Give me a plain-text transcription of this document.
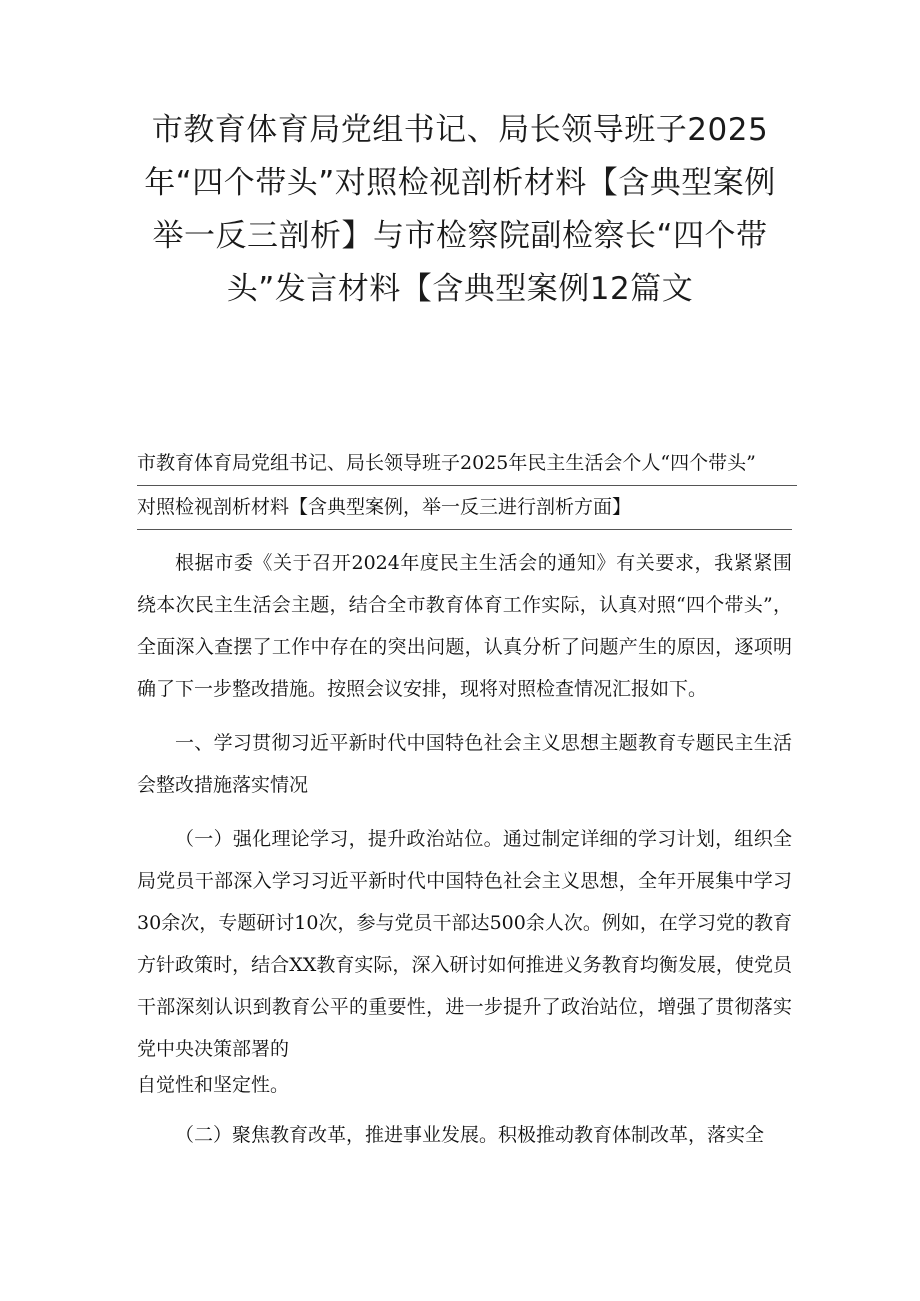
市教育体育局党组书记、局长领导班子2025年“四个带头”对照检视剖析材料【含典型案例举一反三剖析】与市检察院副检察长“四个带头”发言材料【含典型案例12篇文
市教育体育局党组书记、局长领导班子2025年民主生活会个人“四个带头”
对照检视剖析材料【含典型案例，举一反三进行剖析方面】

根据市委《关于召开2024年度民主生活会的通知》有关要求，我紧紧围绕本次民主生活会主题，结合全市教育体育工作实际，认真对照“四个带头”，全面深入查摆了工作中存在的突出问题，认真分析了问题产生的原因，逐项明确了下一步整改措施。按照会议安排，现将对照检查情况汇报如下。

一、学习贯彻习近平新时代中国特色社会主义思想主题教育专题民主生活会整改措施落实情况

（一）强化理论学习，提升政治站位。通过制定详细的学习计划，组织全局党员干部深入学习习近平新时代中国特色社会主义思想，全年开展集中学习30余次，专题研讨10次，参与党员干部达500余人次。例如，在学习党的教育方针政策时，结合XX教育实际，深入研讨如何推进义务教育均衡发展，使党员干部深刻认识到教育公平的重要性，进一步提升了政治站位，增强了贯彻落实党中央决策部署的

自觉性和坚定性。

（二）聚焦教育改革，推进事业发展。积极推动教育体制改革，落实全
